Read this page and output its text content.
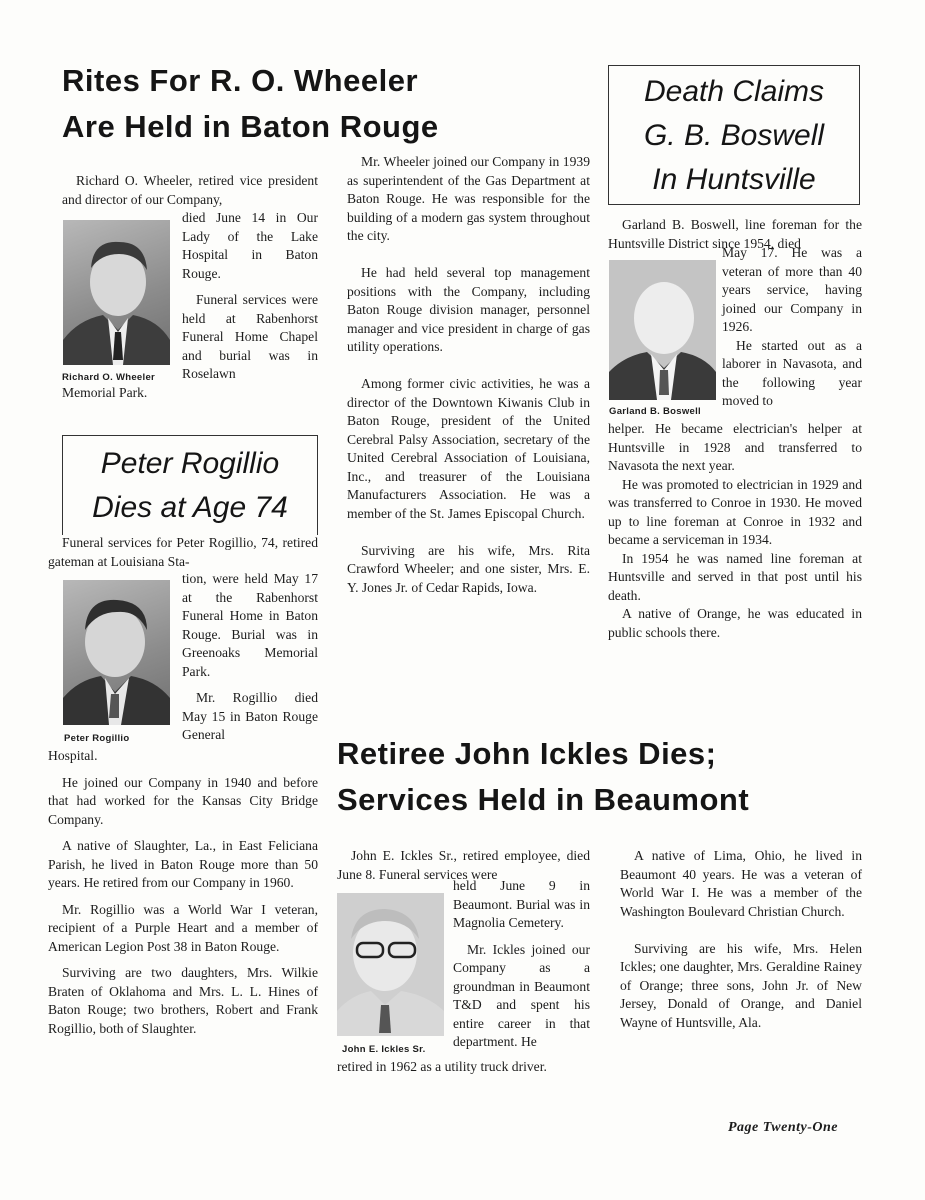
Rites For R. O. Wheeler
Are Held in Baton Rouge

Richard O. Wheeler, retired vice president and director of our Company,

Richard O. Wheeler

died June 14 in Our Lady of the Lake Hospital in Baton Rouge.

Funeral services were held at Rabenhorst Funeral Home Chapel and burial was in Roselawn

Memorial Park.

Mr. Wheeler joined our Company in 1939 as superintendent of the Gas Department at Baton Rouge. He was responsible for the building of a modern gas system throughout the city.

He had held several top management positions with the Company, including Baton Rouge division manager, personnel manager and vice president in charge of gas utility operations.

Among former civic activities, he was a director of the Downtown Kiwanis Club in Baton Rouge, president of the United Cerebral Palsy Association, secretary of the United Cerebral Association of Louisiana, Inc., and treasurer of the Louisiana Manufacturers Association. He was a member of the St. James Episcopal Church.

Surviving are his wife, Mrs. Rita Crawford Wheeler; and one sister, Mrs. E. Y. Jones Jr. of Cedar Rapids, Iowa.

Peter Rogillio
Dies at Age 74

Funeral services for Peter Rogillio, 74, retired gateman at Louisiana Sta-

Peter Rogillio

tion, were held May 17 at the Rabenhorst Funeral Home in Baton Rouge. Burial was in Greenoaks Memorial Park.

Mr. Rogillio died May 15 in Baton Rouge General

Hospital.

He joined our Company in 1940 and before that had worked for the Kansas City Bridge Company.

A native of Slaughter, La., in East Feliciana Parish, he lived in Baton Rouge more than 50 years. He retired from our Company in 1960.

Mr. Rogillio was a World War I veteran, recipient of a Purple Heart and a member of American Legion Post 38 in Baton Rouge.

Surviving are two daughters, Mrs. Wilkie Braten of Oklahoma and Mrs. L. L. Hines of Baton Rouge; two brothers, Robert and Frank Rogillio, both of Slaughter.

Death Claims
G. B. Boswell
In Huntsville

Garland B. Boswell, line foreman for the Huntsville District since 1954, died

Garland B. Boswell

May 17. He was a veteran of more than 40 years service, having joined our Company in 1926.

He started out as a laborer in Navasota, and the following year moved to

helper. He became electrician's helper at Huntsville in 1928 and transferred to Navasota the next year.

He was promoted to electrician in 1929 and was transferred to Conroe in 1930. He moved up to line foreman at Conroe in 1932 and became a serviceman in 1934.

In 1954 he was named line foreman at Huntsville and served in that post until his death.

A native of Orange, he was educated in public schools there.

Retiree John Ickles Dies;
Services Held in Beaumont

John E. Ickles Sr., retired employee, died June 8. Funeral services were

John E. Ickles Sr.

held June 9 in Beaumont. Burial was in Magnolia Cemetery.

Mr. Ickles joined our Company as a groundman in Beaumont T&D and spent his entire career in that department. He

retired in 1962 as a utility truck driver.

A native of Lima, Ohio, he lived in Beaumont 40 years. He was a veteran of World War I. He was a member of the Washington Boulevard Christian Church.

Surviving are his wife, Mrs. Helen Ickles; one daughter, Mrs. Geraldine Rainey of Orange; three sons, John Jr. of New Jersey, Donald of Orange, and Daniel Wayne of Huntsville, Ala.

Page Twenty-One
